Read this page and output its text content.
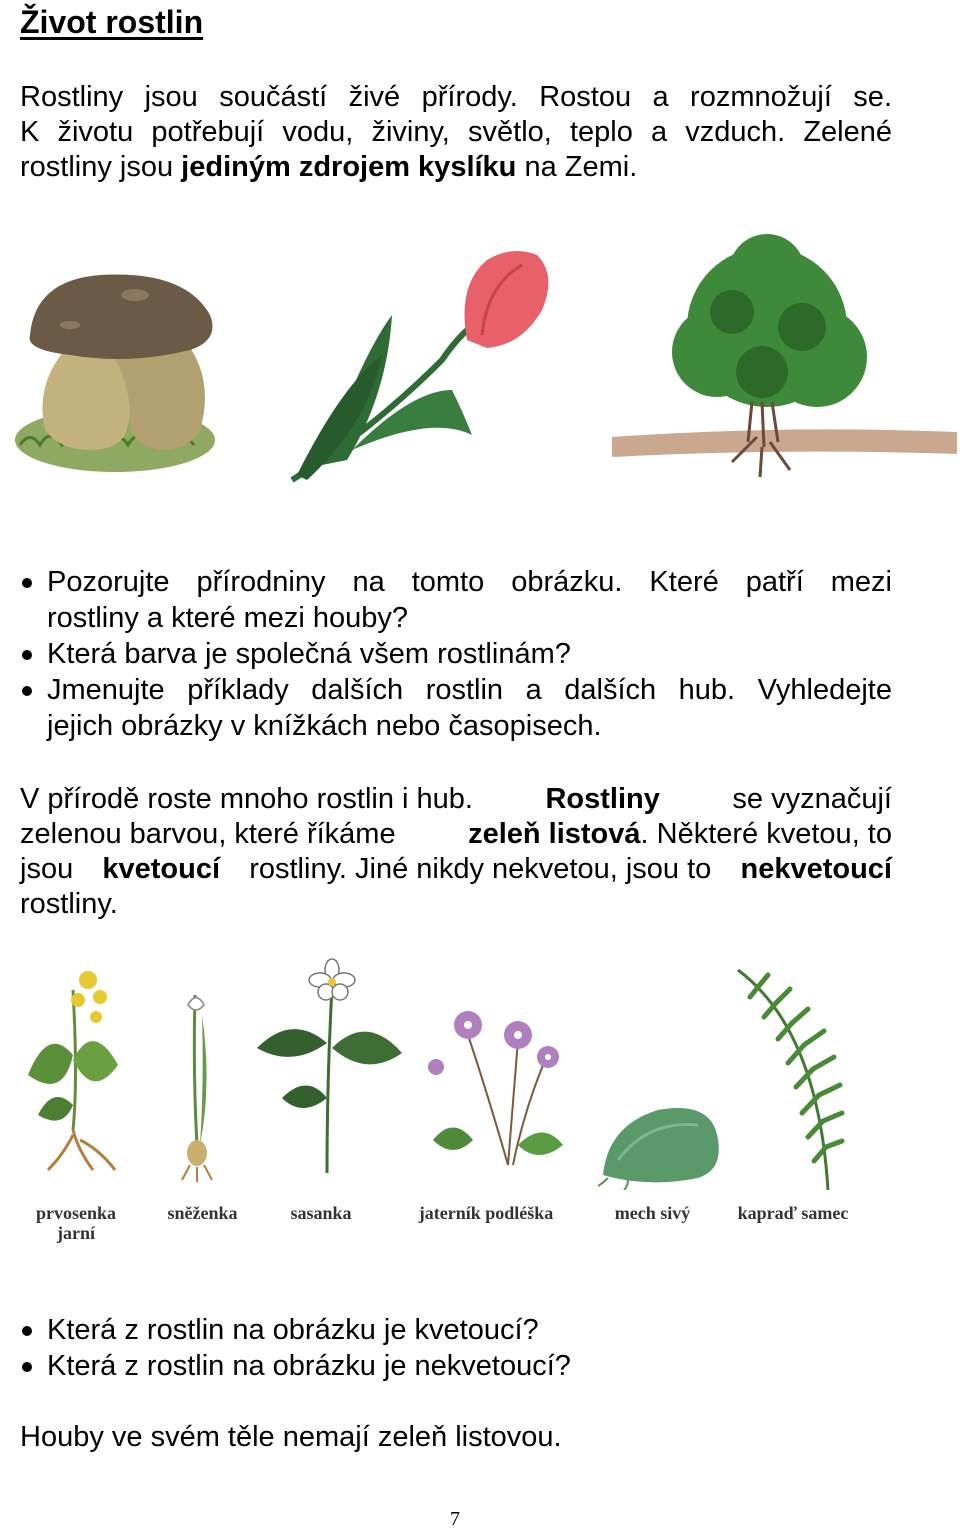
Život rostlin
Rostliny jsou součástí živé přírody. Rostou a rozmnožují se.
K životu potřebují vodu, živiny, světlo, teplo a vzduch. Zelené
rostliny jsou jediným zdrojem kyslíku na Zemi.
Pozorujte přírodniny na tomto obrázku. Které patří mezi
rostliny a které mezi houby?
Která barva je společná všem rostlinám?
Jmenujte příklady dalších rostlin a dalších hub. Vyhledejte
jejich obrázky v knížkách nebo časopisech.
V přírodě roste mnoho rostlin i hub.	Rostliny	se vyznačují
zelenou barvou, které říkáme zeleň listová. Některé kvetou, to
jsou kvetoucí rostliny. Jiné nikdy nekvetou, jsou to nekvetoucí
rostliny.
prvosenka
jarní
sněženka	sasanka	jaterník podléška	mech sivý	kapraď samec
Která z rostlin na obrázku je kvetoucí?
Která z rostlin na obrázku je nekvetoucí?
Houby ve svém těle nemají zeleň listovou.
7
